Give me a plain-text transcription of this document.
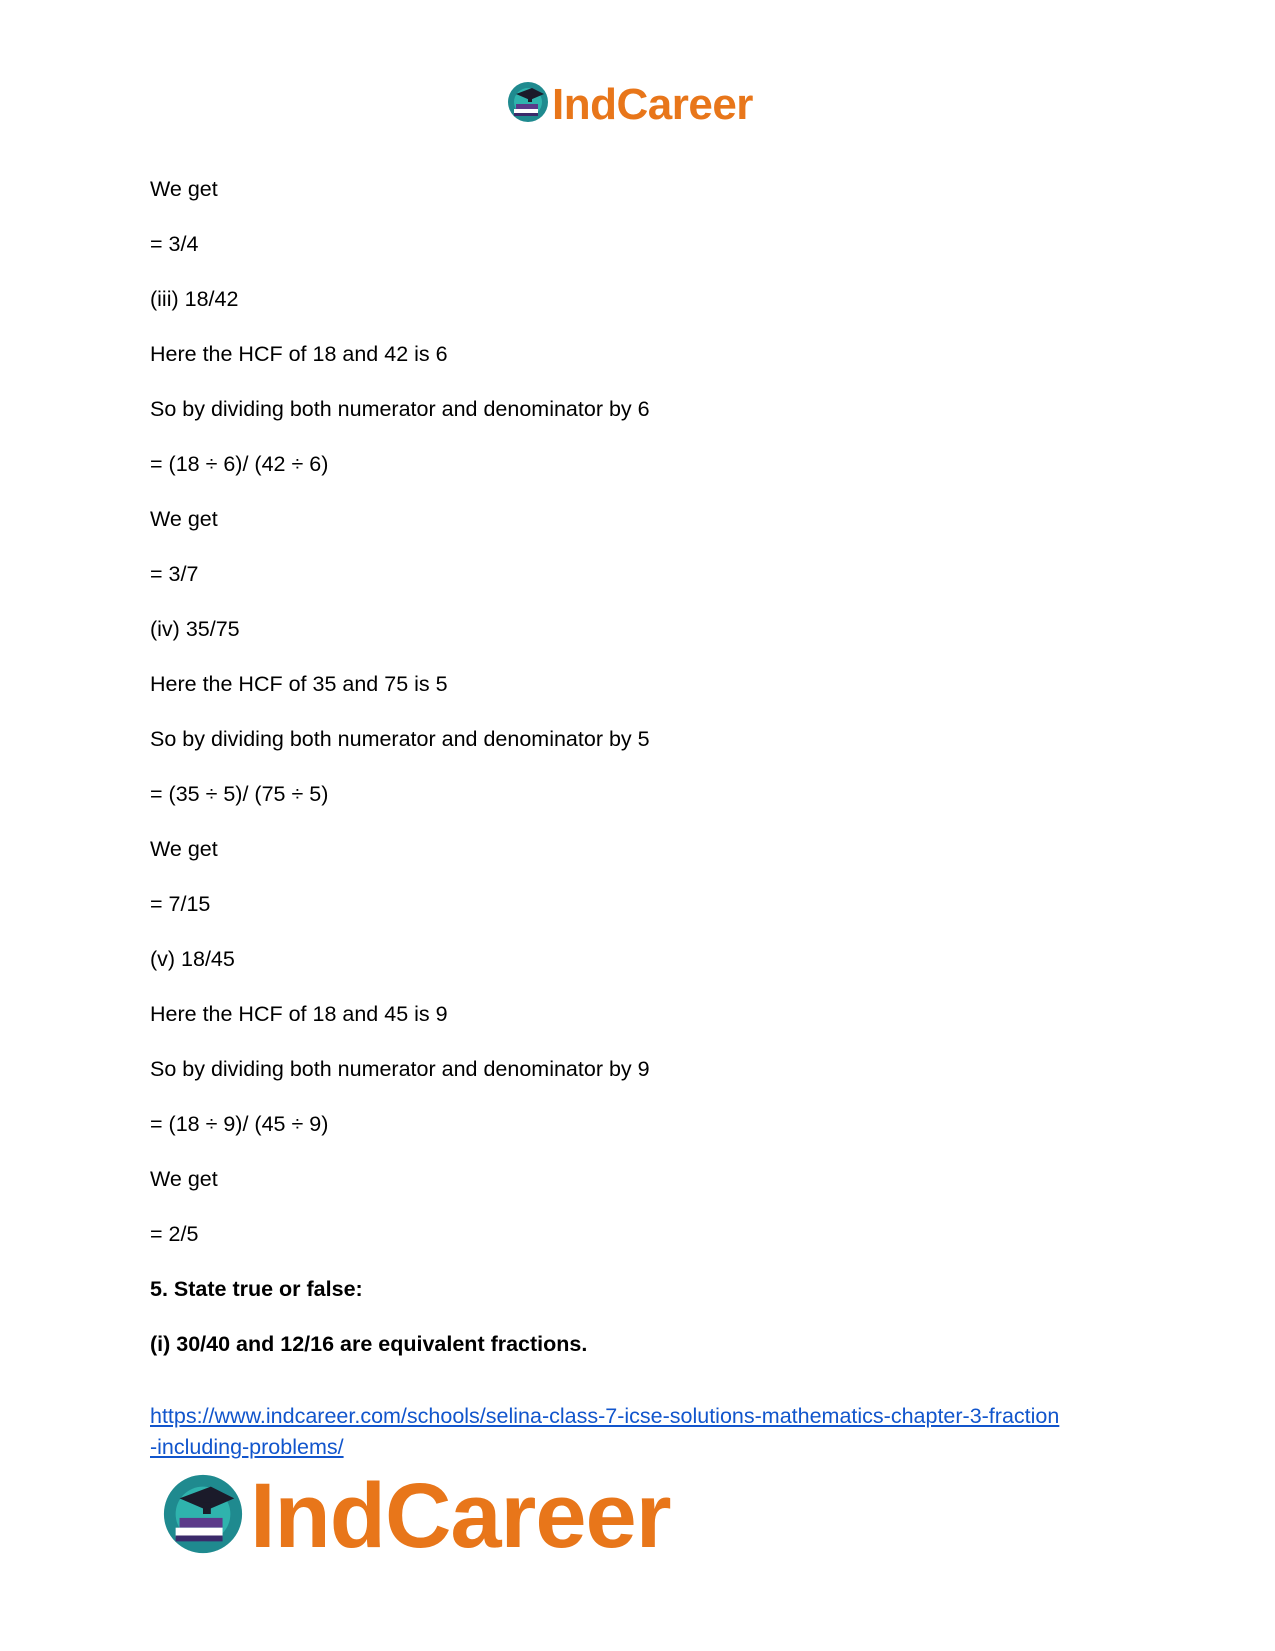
IndCareer
We get
= 3/4
(iii) 18/42
Here the HCF of 18 and 42 is 6
So by dividing both numerator and denominator by 6
= (18 ÷ 6)/ (42 ÷ 6)
We get
= 3/7
(iv) 35/75
Here the HCF of 35 and 75 is 5
So by dividing both numerator and denominator by 5
= (35 ÷ 5)/ (75 ÷ 5)
We get
= 7/15
(v) 18/45
Here the HCF of 18 and 45 is 9
So by dividing both numerator and denominator by 9
= (18 ÷ 9)/ (45 ÷ 9)
We get
= 2/5
5. State true or false:
(i) 30/40 and 12/16 are equivalent fractions.
https://www.indcareer.com/schools/selina-class-7-icse-solutions-mathematics-chapter-3-fraction
-including-problems/
IndCareer
